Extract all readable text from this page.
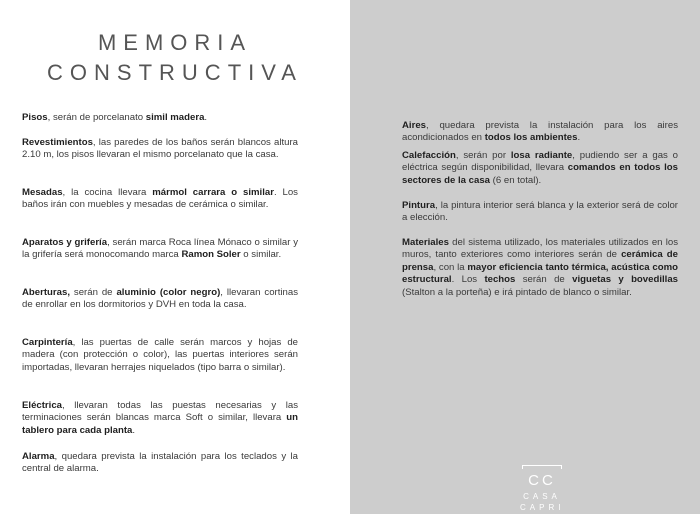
MEMORIA
CONSTRUCTIVA

Pisos, serán de porcelanato simil madera.

Revestimientos, las paredes de los baños serán blancos altura 2.10 m, los pisos llevaran el mismo porcelanato que la casa.

Mesadas, la cocina llevara mármol carrara o similar. Los baños irán con muebles y mesadas de cerámica o similar.

Aparatos y grifería, serán marca Roca línea Mónaco o similar y la grifería será monocomando marca Ramon Soler o similar.

Aberturas, serán de aluminio (color negro), llevaran cortinas de enrollar en los dormitorios y DVH en toda la casa.

Carpintería, las puertas de calle serán marcos y hojas de madera (con protección o color), las puertas interiores serán importadas, llevaran herrajes niquelados (tipo barra o similar).

Eléctrica, llevaran todas las puestas necesarias y las terminaciones serán blancas marca Soft o similar, llevara un tablero para cada planta.

Alarma, quedara prevista la instalación para los teclados y la central de alarma.

Aires, quedara prevista la instalación para los aires acondicionados en todos los ambientes.

Calefacción, serán por losa radiante, pudiendo ser a gas o eléctrica según disponibilidad, llevara comandos en todos los sectores de la casa (6 en total).

Pintura, la pintura interior será blanca y la exterior será de color a elección.

Materiales del sistema utilizado, los materiales utilizados en los muros, tanto exteriores como interiores serán de cerámica de prensa, con la mayor eficiencia tanto térmica, acústica como estructural. Los techos serán de viguetas y bovedillas (Stalton a la porteña) e irá pintado de blanco o similar.

CC
CASA
CAPRI
